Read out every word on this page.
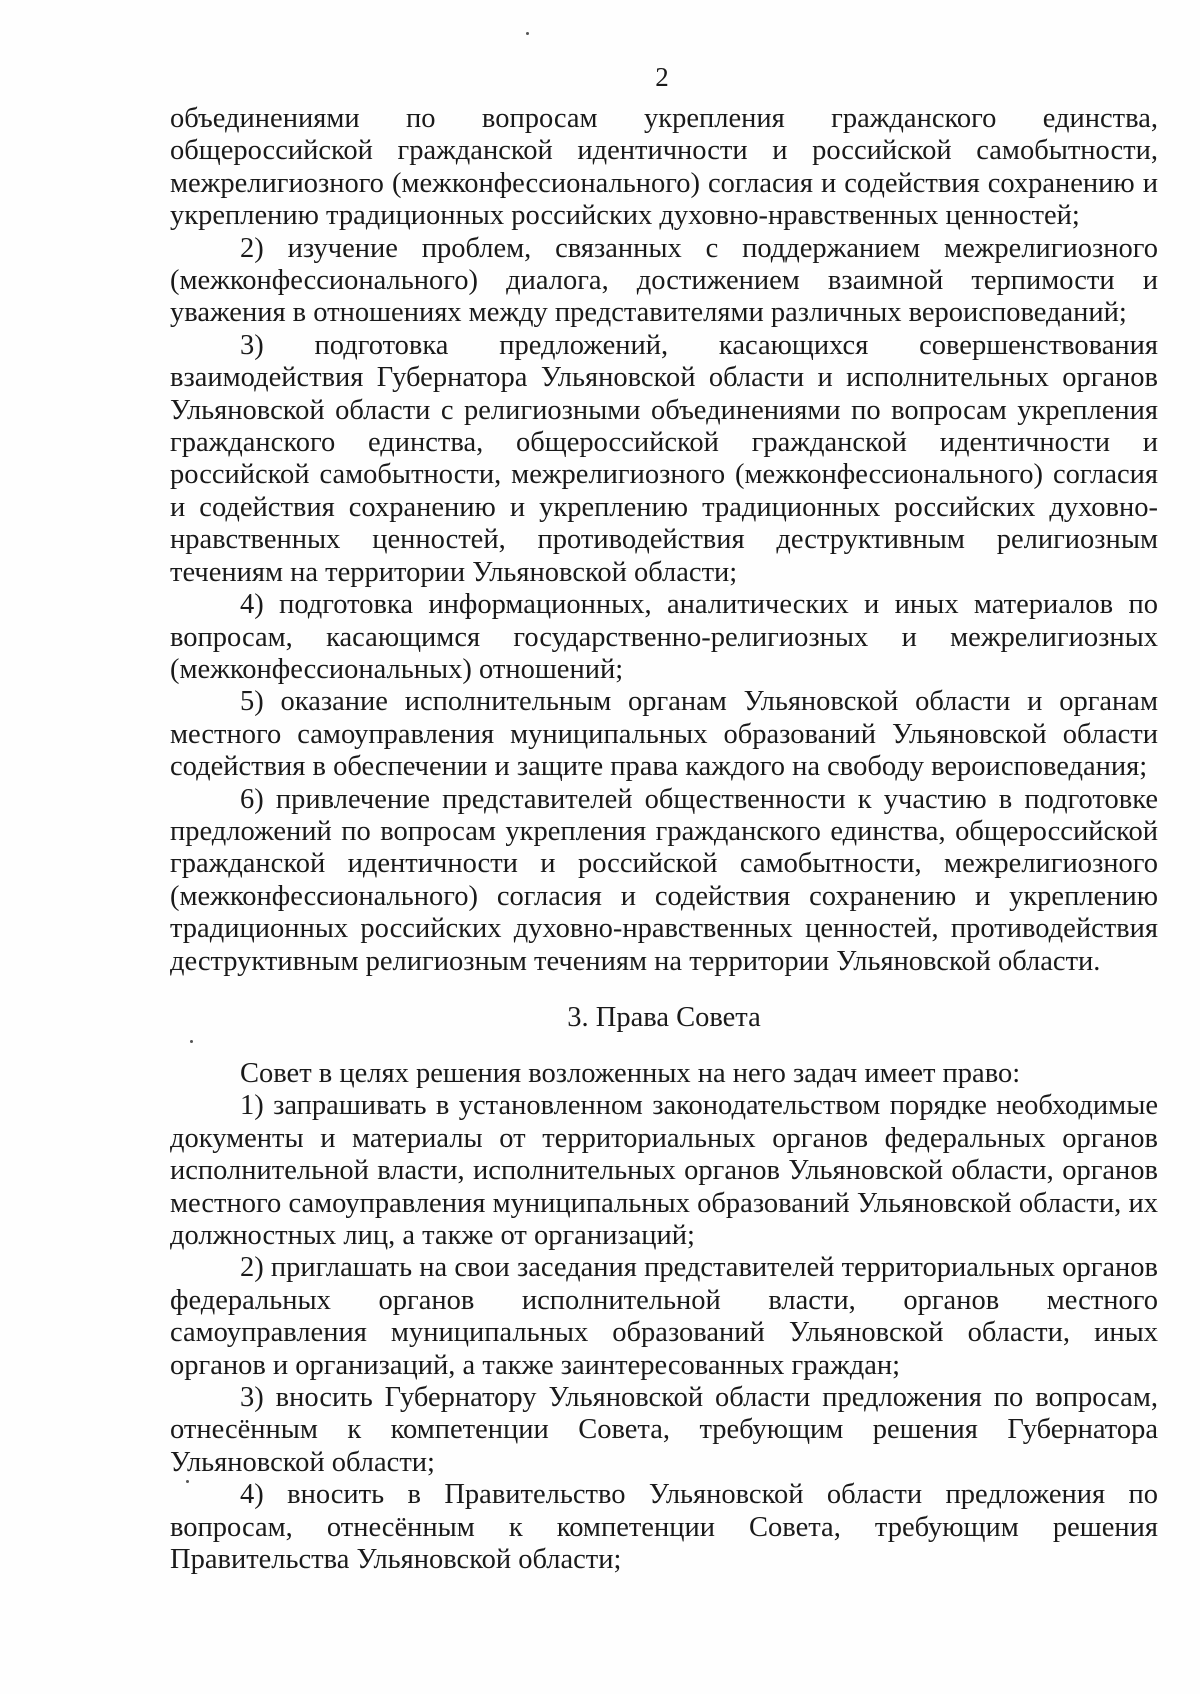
2

объединениями по вопросам укрепления гражданского единства, общероссийской гражданской идентичности и российской самобытности, межрелигиозного (межконфессионального) согласия и содействия сохранению и укреплению традиционных российских духовно-нравственных ценностей;

2) изучение проблем, связанных с поддержанием межрелигиозного (межконфессионального) диалога, достижением взаимной терпимости и уважения в отношениях между представителями различных вероисповеданий;

3) подготовка предложений, касающихся совершенствования взаимодействия Губернатора Ульяновской области и исполнительных органов Ульяновской области с религиозными объединениями по вопросам укрепления гражданского единства, общероссийской гражданской идентичности и российской самобытности, межрелигиозного (межконфессионального) согласия и содействия сохранению и укреплению традиционных российских духовно-нравственных ценностей, противодействия деструктивным религиозным течениям на территории Ульяновской области;

4) подготовка информационных, аналитических и иных материалов по вопросам, касающимся государственно-религиозных и межрелигиозных (межконфессиональных) отношений;

5) оказание исполнительным органам Ульяновской области и органам местного самоуправления муниципальных образований Ульяновской области содействия в обеспечении и защите права каждого на свободу вероисповедания;

6) привлечение представителей общественности к участию в подготовке предложений по вопросам укрепления гражданского единства, общероссийской гражданской идентичности и российской самобытности, межрелигиозного (межконфессионального) согласия и содействия сохранению и укреплению традиционных российских духовно-нравственных ценностей, противодействия деструктивным религиозным течениям на территории Ульяновской области.

3. Права Совета

Совет в целях решения возложенных на него задач имеет право:

1) запрашивать в установленном законодательством порядке необходимые документы и материалы от территориальных органов федеральных органов исполнительной власти, исполнительных органов Ульяновской области, органов местного самоуправления муниципальных образований Ульяновской области, их должностных лиц, а также от организаций;

2) приглашать на свои заседания представителей территориальных органов федеральных органов исполнительной власти, органов местного самоуправления муниципальных образований Ульяновской области, иных органов и организаций, а также заинтересованных граждан;

3) вносить Губернатору Ульяновской области предложения по вопросам, отнесённым к компетенции Совета, требующим решения Губернатора Ульяновской области;

4) вносить в Правительство Ульяновской области предложения по вопросам, отнесённым к компетенции Совета, требующим решения Правительства Ульяновской области;
